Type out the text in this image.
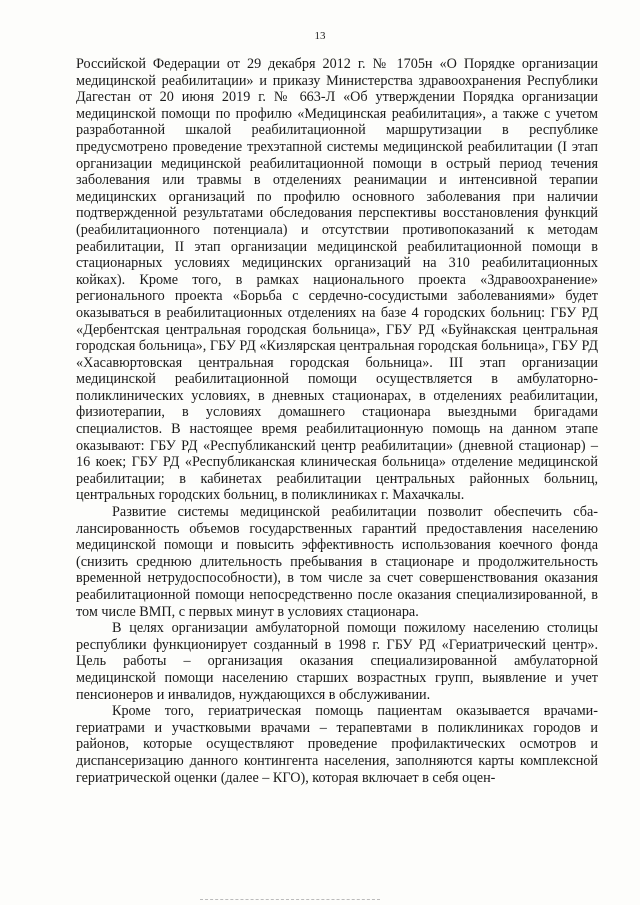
13

Российской Федерации от 29 декабря 2012 г. № 1705н «О Порядке организации медицинской реабилитации» и приказу Министерства здравоохранения Республики Дагестан от 20 июня 2019 г. № 663-Л «Об утверждении Порядка организации медицинской помощи по профилю «Медицинская реабилитация», а также с учетом разработанной шкалой реабилитационной маршрутизации в республике предусмотрено проведение трехэтапной системы медицинской реабилитации (I этап организации медицинской реабилитационной помощи в острый период течения заболевания или травмы в отделениях реанимации и интенсивной терапии медицинских организаций по профилю основного заболевания при наличии подтвержденной результатами обследования перспективы восстановления функций (реабилитационного потенциала) и отсутствии противопоказаний к методам реабилитации, II этап организации медицинской реабилитационной помощи в стационарных условиях медицинских организаций на 310 реабилитационных койках). Кроме того, в рамках национального проекта «Здравоохранение» регионального проекта «Борьба с сердечно-сосудистыми заболеваниями» будет оказываться в реабилитационных отделениях на базе 4 городских больниц: ГБУ РД «Дербентская центральная городская больница», ГБУ РД «Буйнакская центральная городская больница», ГБУ РД «Кизлярская центральная городская больница», ГБУ РД «Хасавюртовская центральная городская больница». III этап организации медицинской реабилитационной помощи осуществляется в амбулаторно-поликлинических условиях, в дневных стационарах, в отделениях реабилитации, физиотерапии, в условиях домашнего стационара выездными бригадами специалистов. В настоящее время реабилитационную помощь на данном этапе оказывают: ГБУ РД «Республиканский центр реабилитации» (дневной стационар) – 16 коек; ГБУ РД «Республиканская клиническая больница» отделение медицинской реабилитации; в кабинетах реабилитации центральных районных больниц, центральных городских больниц, в поликлиниках г. Махачкалы.

Развитие системы медицинской реабилитации позволит обеспечить сбалансированность объемов государственных гарантий предоставления населению медицинской помощи и повысить эффективность использования коечного фонда (снизить среднюю длительность пребывания в стационаре и продолжительность временной нетрудоспособности), в том числе за счет совершенствования оказания реабилитационной помощи непосредственно после оказания специализированной, в том числе ВМП, с первых минут в условиях стационара.

В целях организации амбулаторной помощи пожилому населению столицы республики функционирует созданный в 1998 г. ГБУ РД «Гериатрический центр». Цель работы – организация оказания специализированной амбулаторной медицинской помощи населению старших возрастных групп, выявление и учет пенсионеров и инвалидов, нуждающихся в обслуживании.

Кроме того, гериатрическая помощь пациентам оказывается врачами-гериатрами и участковыми врачами – терапевтами в поликлиниках городов и районов, которые осуществляют проведение профилактических осмотров и диспансеризацию данного контингента населения, заполняются карты комплексной гериатрической оценки (далее – КГО), которая включает в себя оцен-
